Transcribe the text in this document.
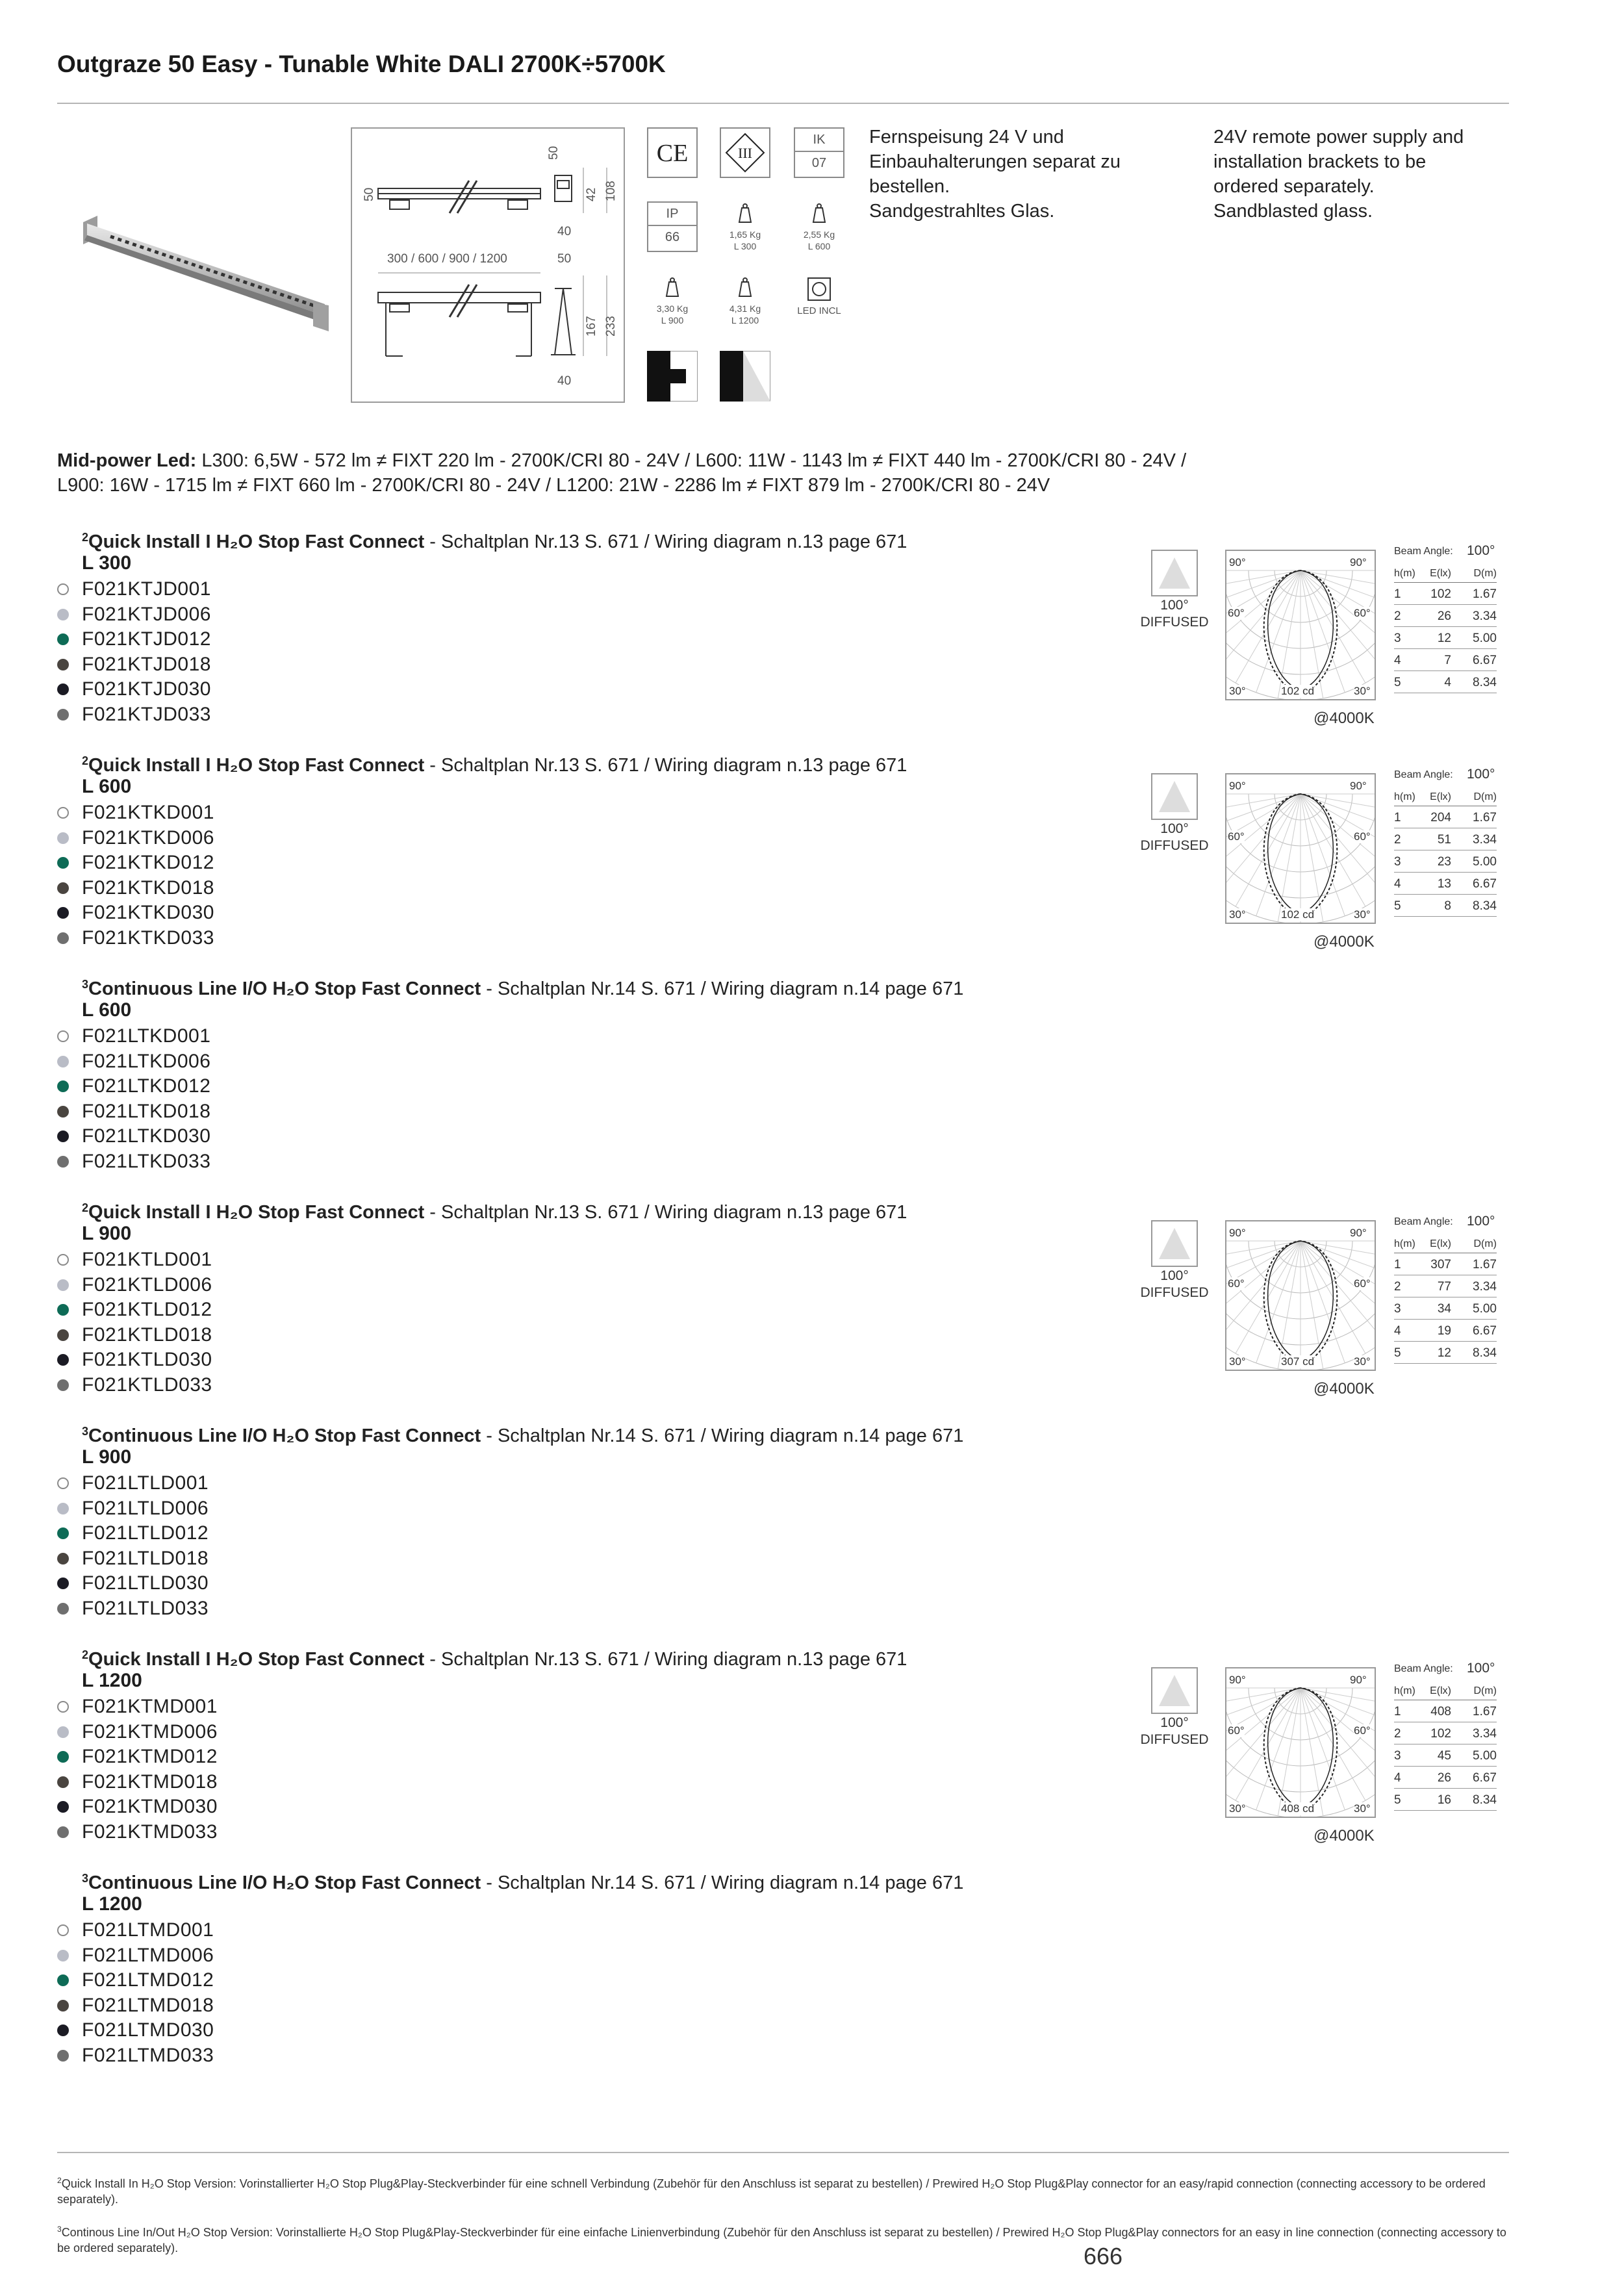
Outgraze 50 Easy - Tunable White DALI 2700K÷5700K
50
50
42 108
40
300 / 600 / 900 / 1200	50
167 233
40
CE	III
IK
07
IP
66	1,65 Kg
L 300
2,55 Kg
L 600
3,30 Kg
L 900
4,31 Kg
L 1200
LED INCL
Fernspeisung 24 V und
Einbauhalterungen separat zu
bestellen.
Sandgestrahltes Glas.
24V remote power supply and
installation brackets to be
ordered separately.
Sandblasted glass.
Mid-power Led: L300: 6,5W - 572 lm ≠ FIXT 220 lm - 2700K/CRI 80 - 24V / L600: 11W - 1143 lm ≠ FIXT 440 lm - 2700K/CRI 80 - 24V /
L900: 16W - 1715 lm ≠ FIXT 660 lm - 2700K/CRI 80 - 24V / L1200: 21W - 2286 lm ≠ FIXT 879 lm - 2700K/CRI 80 - 24V
$^2$Quick Install I H₂O Stop Fast Connect - Schaltplan Nr.13 S. 671 / Wiring diagram n.13 page 671
L 300
F021KTJD001
F021KTJD006
F021KTJD012
F021KTJD018
F021KTJD030
F021KTJD033
100°
DIFFUSED
90°	90°
60°	60°
30°	30°
102 cd
@4000K
Beam Angle: 100°
h(m) E(lx) D(m)
1 102 1.67
2	26 3.34
3	12 5.00
4	7 6.67
5	4 8.34
$^2$Quick Install I H₂O Stop Fast Connect - Schaltplan Nr.13 S. 671 / Wiring diagram n.13 page 671
L 600
F021KTKD001
F021KTKD006
F021KTKD012
F021KTKD018
F021KTKD030
F021KTKD033
100°
DIFFUSED
90°	90°
60°	60°
30°	30°
102 cd
@4000K
Beam Angle: 100°
h(m) E(lx) D(m)
1 204 1.67
2	51 3.34
3	23 5.00
4	13 6.67
5	8 8.34
$^3$Continuous Line I/O H₂O Stop Fast Connect - Schaltplan Nr.14 S. 671 / Wiring diagram n.14 page 671
L 600
F021LTKD001
F021LTKD006
F021LTKD012
F021LTKD018
F021LTKD030
F021LTKD033
$^2$Quick Install I H₂O Stop Fast Connect - Schaltplan Nr.13 S. 671 / Wiring diagram n.13 page 671
L 900
F021KTLD001
F021KTLD006
F021KTLD012
F021KTLD018
F021KTLD030
F021KTLD033
100°
DIFFUSED
90°	90°
60°	60°
30°	30°
307 cd
@4000K
Beam Angle: 100°
h(m) E(lx) D(m)
1 307 1.67
2	77 3.34
3	34 5.00
4	19 6.67
5	12 8.34
$^3$Continuous Line I/O H₂O Stop Fast Connect - Schaltplan Nr.14 S. 671 / Wiring diagram n.14 page 671
L 900
F021LTLD001
F021LTLD006
F021LTLD012
F021LTLD018
F021LTLD030
F021LTLD033
$^2$Quick Install I H₂O Stop Fast Connect - Schaltplan Nr.13 S. 671 / Wiring diagram n.13 page 671
L 1200
F021KTMD001
F021KTMD006
F021KTMD012
F021KTMD018
F021KTMD030
F021KTMD033
100°
DIFFUSED
90°	90°
60°	60°
30°	30°
408 cd
@4000K
Beam Angle: 100°
h(m) E(lx) D(m)
1 408 1.67
2 102 3.34
3	45 5.00
4	26 6.67
5	16 8.34
$^3$Continuous Line I/O H₂O Stop Fast Connect - Schaltplan Nr.14 S. 671 / Wiring diagram n.14 page 671
L 1200
F021LTMD001
F021LTMD006
F021LTMD012
F021LTMD018
F021LTMD030
F021LTMD033
$^2$Quick Install In H₂O Stop Version: Vorinstallierter H₂O Stop Plug&Play-Steckverbinder für eine schnell Verbindung (Zubehör für den Anschluss ist separat zu bestellen) / Prewired H₂O Stop Plug&Play connector for an easy/rapid connection (connecting accessory to be ordered separately).
$^3$Continous Line In/Out H₂O Stop Version: Vorinstallierte H₂O Stop Plug&Play-Steckverbinder für eine einfache Linienverbindung (Zubehör für den Anschluss ist separat zu bestellen) / Prewired H₂O Stop Plug&Play connectors for an easy in line connection (connecting accessory to be ordered separately).	666
